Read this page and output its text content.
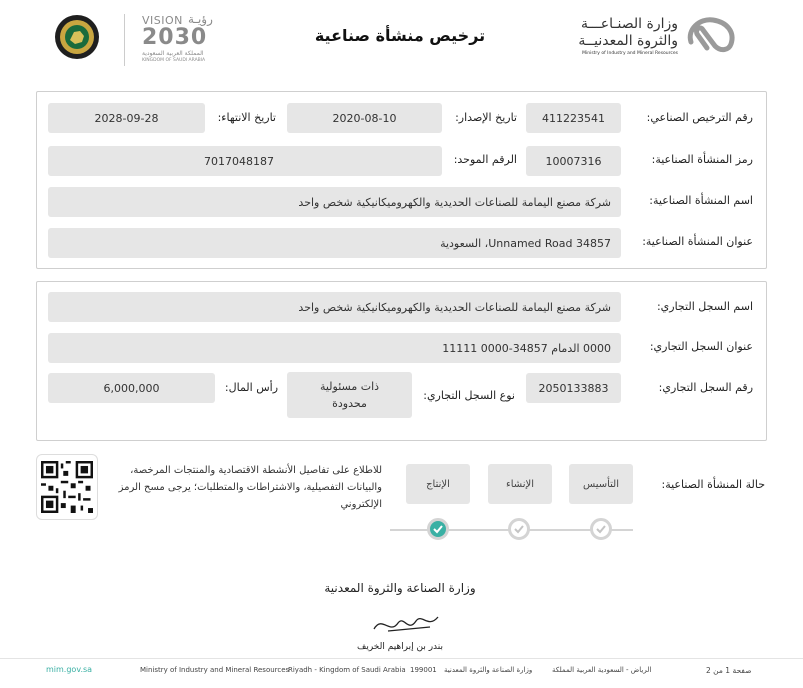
وزارة الصنـاعـــة
والثروة المعدنيــة
Ministry of Industry and Mineral Resources
ترخيص منشأة صناعية
VISION رؤيـة
2030
المملكة العربية السعودية
KINGDOM OF SAUDI ARABIA
رقم الترخيص الصناعي:
411223541
تاريخ الإصدار:
2020-08-10
تاريخ الانتهاء:
2028-09-28
رمز المنشأة الصناعية:
10007316
الرقم الموحد:
7017048187
اسم المنشأة الصناعية:
شركة مصنع اليمامة للصناعات الحديدية والكهروميكانيكية شخص واحد
عنوان المنشأة الصناعية:
Unnamed Road 34857، السعودية
اسم السجل التجاري:
شركة مصنع اليمامة للصناعات الحديدية والكهروميكانيكية شخص واحد
عنوان السجل التجاري:
0000 الدمام 34857-0000 11111
رقم السجل التجاري:
2050133883
نوع السجل التجاري:
ذات مسئولية محدودة
رأس المال:
6,000,000
حالة المنشأة الصناعية:
التأسيس
الإنشاء
الإنتاج
للاطلاع على تفاصيل الأنشطة الاقتصادية والمنتجات المرخصة، والبيانات التفصيلية، والاشتراطات والمتطلبات؛ يرجى مسح الرمز الإلكتروني
وزارة الصناعة والثروة المعدنية
بندر بن إبراهيم الخريف
صفحة 1 من 2
الرياض - السعودية العربية المملكة
وزارة الصناعة والثروة المعدنية
199001
Riyadh - Kingdom of Saudi Arabia
Ministry of Industry and Mineral Resources
mim.gov.sa
